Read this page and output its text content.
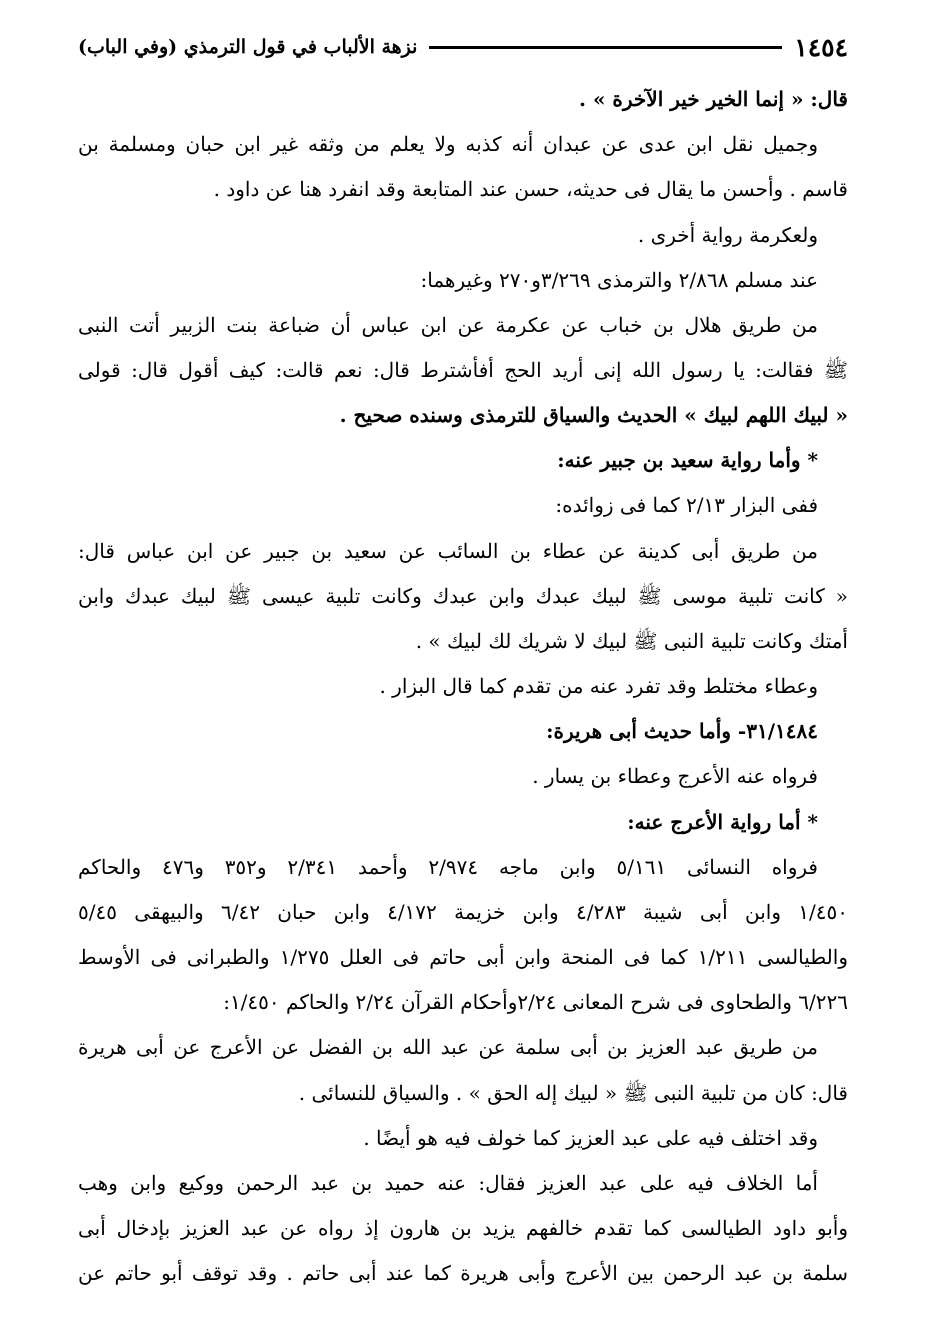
١٤٥٤
نزهة الألباب في قول الترمذي (وفي الباب)
قال: « إنما الخير خير الآخرة » .
وجميل نقل ابن عدى عن عبدان أنه كذبه ولا يعلم من وثقه غير ابن حبان ومسلمة بن
قاسم . وأحسن ما يقال فى حديثه، حسن عند المتابعة وقد انفرد هنا عن داود .
ولعكرمة رواية أخرى .
عند مسلم ٢/٨٦٨ والترمذى ٣/٢٦٩و٢٧٠ وغيرهما:
من طريق هلال بن خباب عن عكرمة عن ابن عباس أن ضباعة بنت الزبير أتت النبى
ﷺ فقالت: يا رسول الله إنى أريد الحج أفأشترط قال: نعم قالت: كيف أقول قال: قولى
« لبيك اللهم لبيك » الحديث والسياق للترمذى وسنده صحيح .
* وأما رواية سعيد بن جبير عنه:
ففى البزار ٢/١٣ كما فى زوائده:
من طريق أبى كدينة عن عطاء بن السائب عن سعيد بن جبير عن ابن عباس قال:
« كانت تلبية موسى ﷺ لبيك عبدك وابن عبدك وكانت تلبية عيسى ﷺ لبيك عبدك وابن
أمتك وكانت تلبية النبى ﷺ لبيك لا شريك لك لبيك » .
وعطاء مختلط وقد تفرد عنه من تقدم كما قال البزار .
٣١/١٤٨٤- وأما حديث أبى هريرة:
فرواه عنه الأعرج وعطاء بن يسار .
* أما رواية الأعرج عنه:
فرواه النسائى ٥/١٦١ وابن ماجه ٢/٩٧٤ وأحمد ٢/٣٤١ و٣٥٢ و٤٧٦ والحاكم
١/٤٥٠ وابن أبى شيبة ٤/٢٨٣ وابن خزيمة ٤/١٧٢ وابن حبان ٦/٤٢ والبيهقى ٥/٤٥
والطيالسى ١/٢١١ كما فى المنحة وابن أبى حاتم فى العلل ١/٢٧٥ والطبرانى فى الأوسط
٦/٢٢٦ والطحاوى فى شرح المعانى ٢/٢٤وأحكام القرآن ٢/٢٤ والحاكم ١/٤٥٠:
من طريق عبد العزيز بن أبى سلمة عن عبد الله بن الفضل عن الأعرج عن أبى هريرة
قال: كان من تلبية النبى ﷺ « لبيك إله الحق » . والسياق للنسائى .
وقد اختلف فيه على عبد العزيز كما خولف فيه هو أيضًا .
أما الخلاف فيه على عبد العزيز فقال: عنه حميد بن عبد الرحمن ووكيع وابن وهب
وأبو داود الطيالسى كما تقدم خالفهم يزيد بن هارون إذ رواه عن عبد العزيز بإدخال أبى
سلمة بن عبد الرحمن بين الأعرج وأبى هريرة كما عند أبى حاتم . وقد توقف أبو حاتم عن
